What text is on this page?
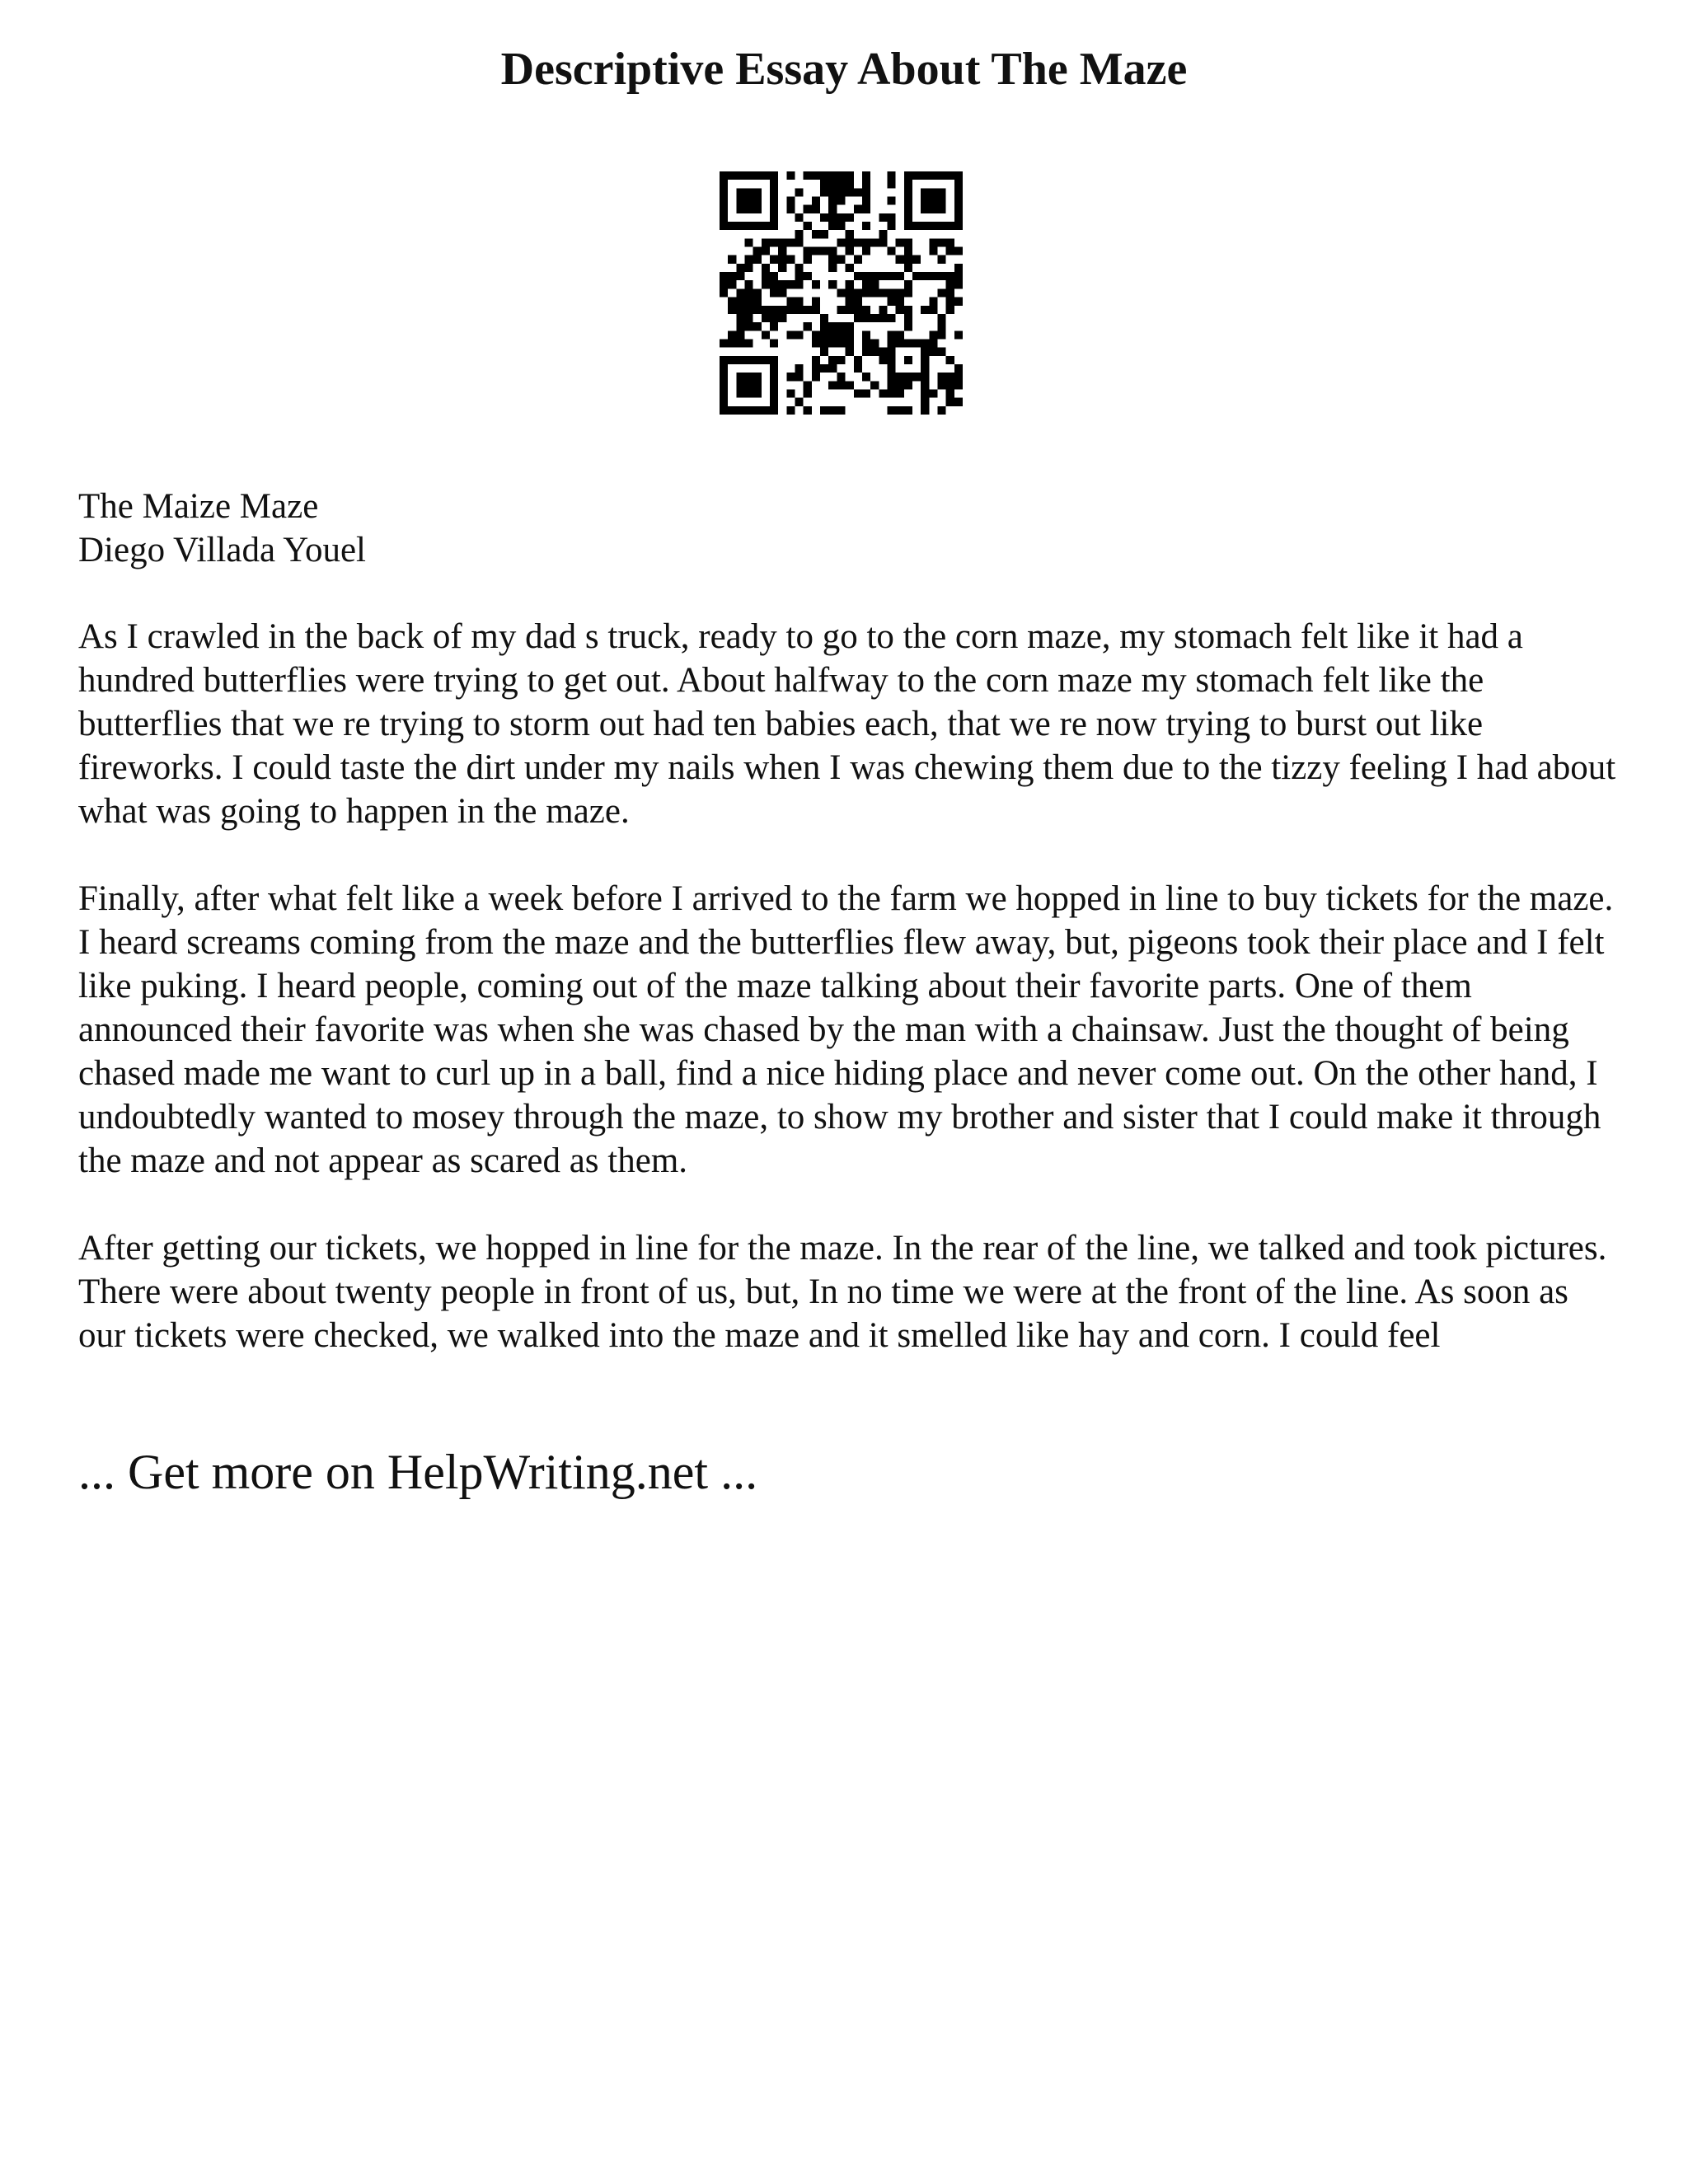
Descriptive Essay About The Maze
The Maize Maze
Diego Villada Youel

As I crawled in the back of my dad s truck, ready to go to the corn maze, my stomach felt like it had a hundred butterflies were trying to get out. About halfway to the corn maze my stomach felt like the butterflies that we re trying to storm out had ten babies each, that we re now trying to burst out like fireworks. I could taste the dirt under my nails when I was chewing them due to the tizzy feeling I had about what was going to happen in the maze.

Finally, after what felt like a week before I arrived to the farm we hopped in line to buy tickets for the maze. I heard screams coming from the maze and the butterflies flew away, but, pigeons took their place and I felt like puking. I heard people, coming out of the maze talking about their favorite parts. One of them announced their favorite was when she was chased by the man with a chainsaw. Just the thought of being chased made me want to curl up in a ball, find a nice hiding place and never come out. On the other hand, I undoubtedly wanted to mosey through the maze, to show my brother and sister that I could make it through the maze and not appear as scared as them.

After getting our tickets, we hopped in line for the maze. In the rear of the line, we talked and took pictures. There were about twenty people in front of us, but, In no time we were at the front of the line. As soon as our tickets were checked, we walked into the maze and it smelled like hay and corn. I could feel

... Get more on HelpWriting.net ...
